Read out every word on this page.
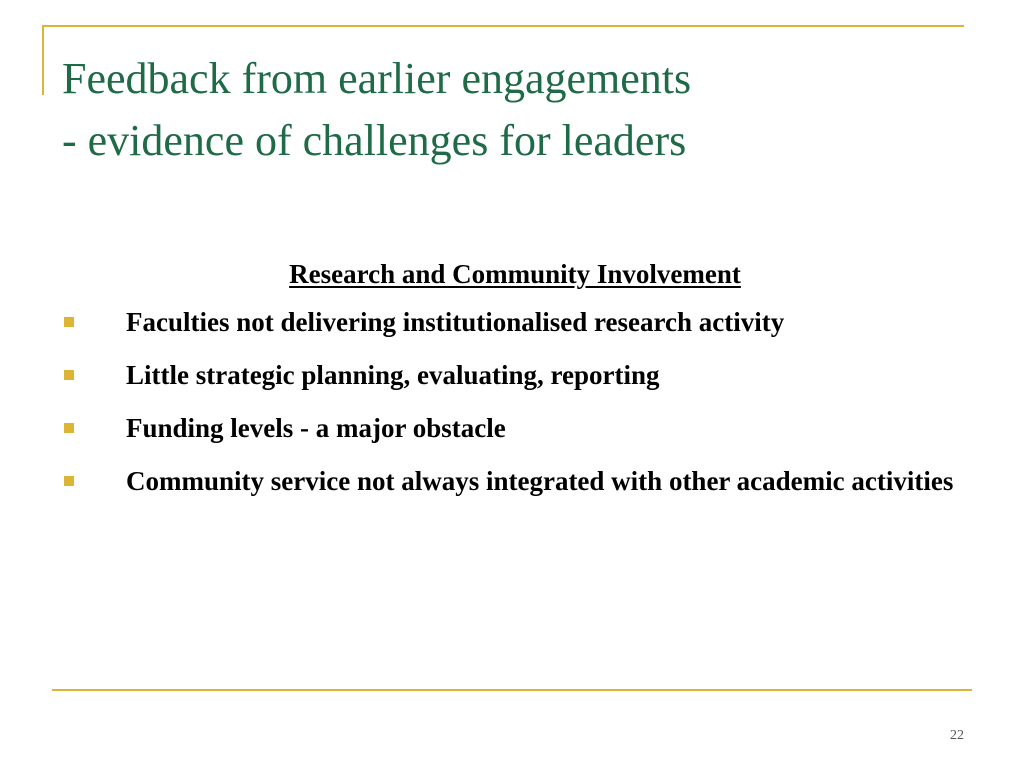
Feedback from earlier engagements
- evidence of challenges for leaders
Research and Community Involvement
Faculties not delivering institutionalised research activity
Little strategic planning, evaluating, reporting
Funding levels - a major obstacle
Community service not always integrated with other academic activities
22
